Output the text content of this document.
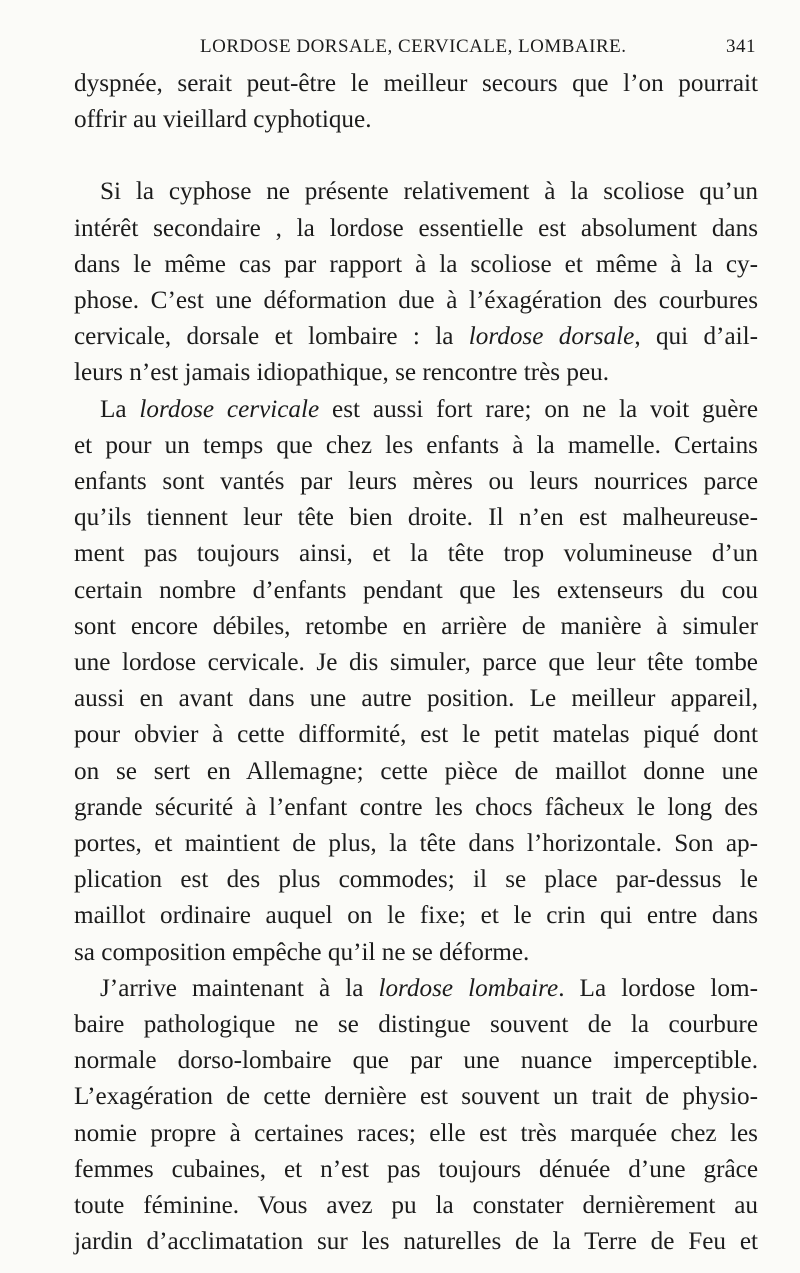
LORDOSE DORSALE, CERVICALE, LOMBAIRE.	341

dyspnée, serait peut-être le meilleur secours que l’on pourrait
offrir au vieillard cyphotique.

Si la cyphose ne présente relativement à la scoliose qu’un
intérêt secondaire , la lordose essentielle est absolument dans
dans le même cas par rapport à la scoliose et même à la cy-
phose. C’est une déformation due à l’éxagération des courbures
cervicale, dorsale et lombaire : la lordose dorsale, qui d’ail-
leurs n’est jamais idiopathique, se rencontre très peu.

La lordose cervicale est aussi fort rare; on ne la voit guère
et pour un temps que chez les enfants à la mamelle. Certains
enfants sont vantés par leurs mères ou leurs nourrices parce
qu’ils tiennent leur tête bien droite. Il n’en est malheureuse-
ment pas toujours ainsi, et la tête trop volumineuse d’un
certain nombre d’enfants pendant que les extenseurs du cou
sont encore débiles, retombe en arrière de manière à simuler
une lordose cervicale. Je dis simuler, parce que leur tête tombe
aussi en avant dans une autre position. Le meilleur appareil,
pour obvier à cette difformité, est le petit matelas piqué dont
on se sert en Allemagne; cette pièce de maillot donne une
grande sécurité à l’enfant contre les chocs fâcheux le long des
portes, et maintient de plus, la tête dans l’horizontale. Son ap-
plication est des plus commodes; il se place par-dessus le
maillot ordinaire auquel on le fixe; et le crin qui entre dans
sa composition empêche qu’il ne se déforme.

J’arrive maintenant à la lordose lombaire. La lordose lom-
baire pathologique ne se distingue souvent de la courbure
normale dorso-lombaire que par une nuance imperceptible.
L’exagération de cette dernière est souvent un trait de physio-
nomie propre à certaines races; elle est très marquée chez les
femmes cubaines, et n’est pas toujours dénuée d’une grâce
toute féminine. Vous avez pu la constater dernièrement au
jardin d’acclimatation sur les naturelles de la Terre de Feu et
